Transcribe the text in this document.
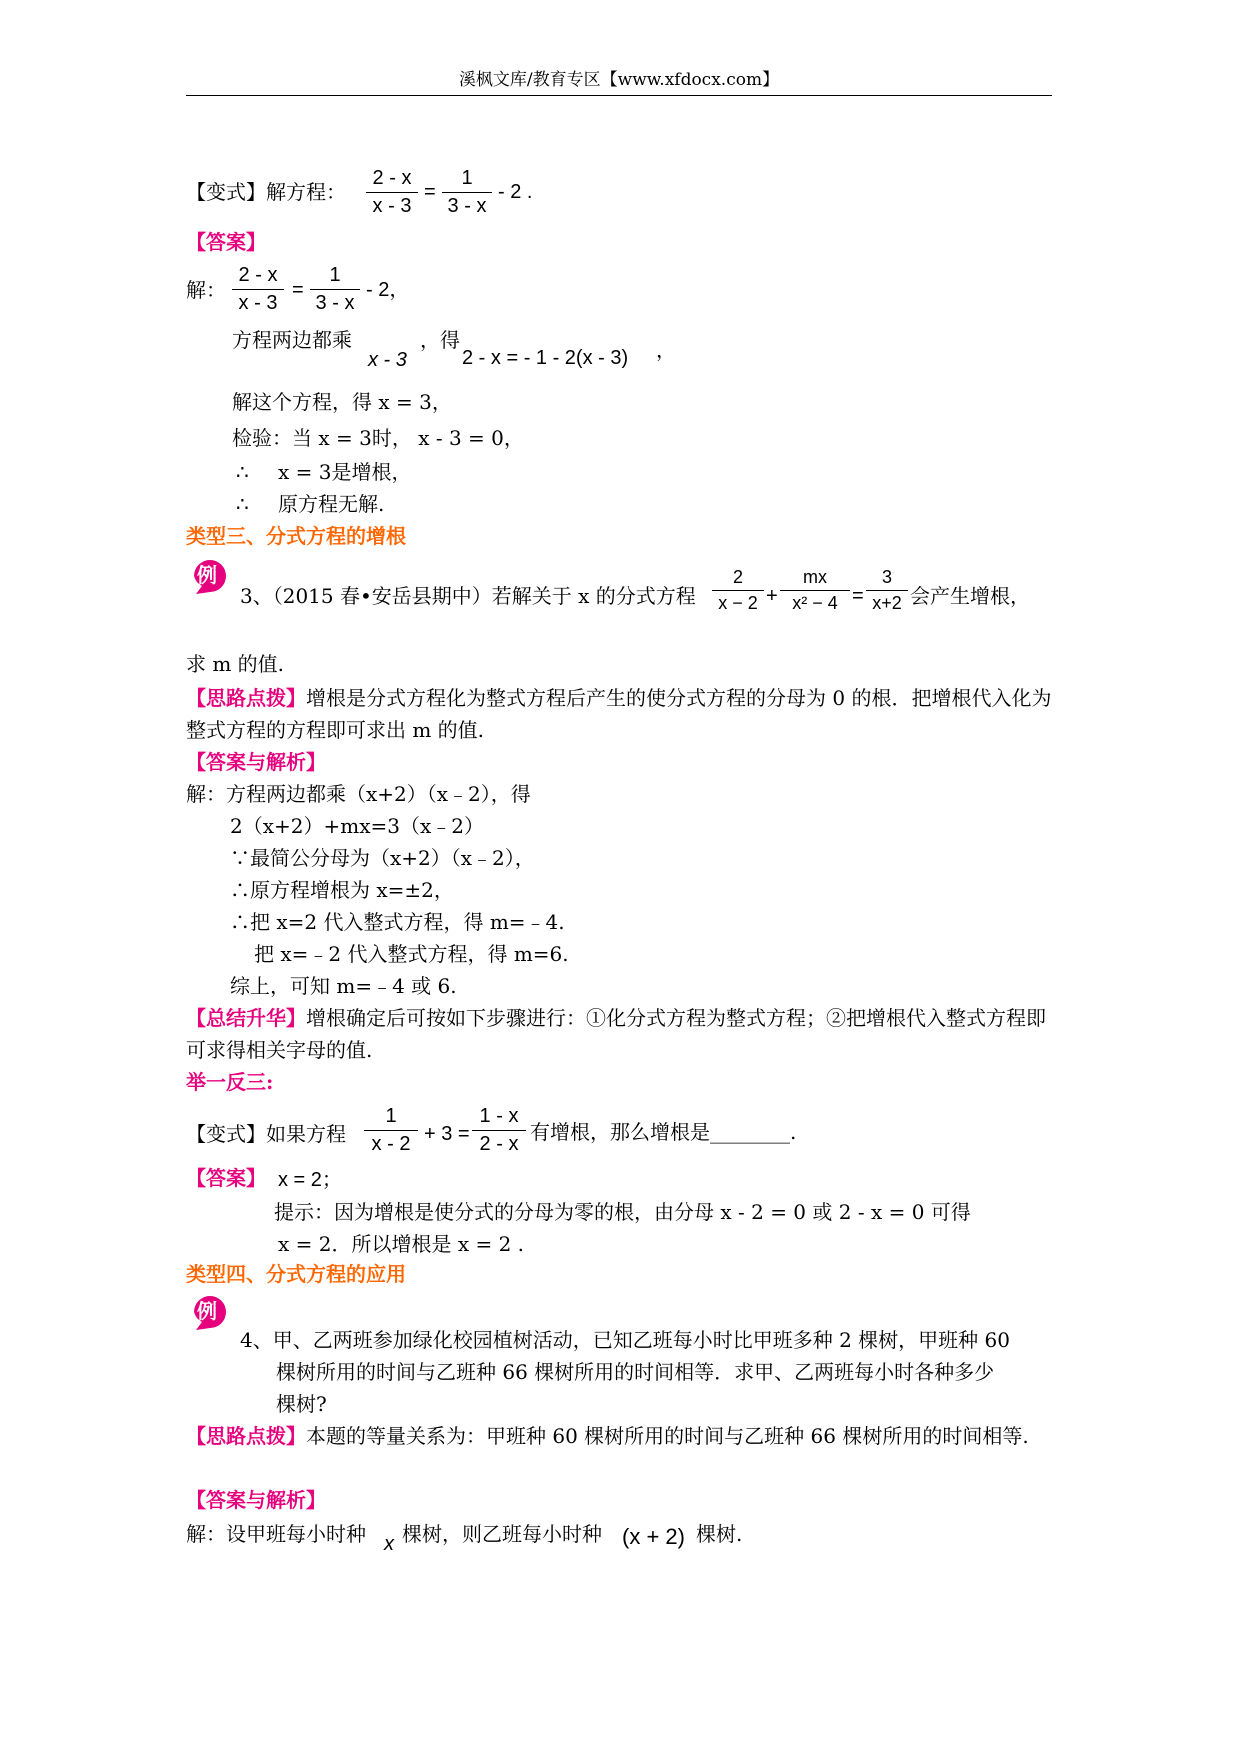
溪枫文库/教育专区【www.xfdocx.com】
【变式】解方程：
2 - x
x - 3
=
1
3 - x
- 2 .
【答案】
解：
2 - x
x - 3
=
1
3 - x
- 2，
方程两边都乘
x - 3
，得
2 - x = - 1 - 2(x - 3) ，
解这个方程，得 x = 3，
检验：当 x = 3时， x - 3 = 0，
∴ x = 3是增根，
∴ 原方程无解.
类型三、分式方程的增根
例
3、（2015 春•安岳县期中）若解关于 x 的分式方程
2
x − 2 +
mx
x² − 4 =
3
x+2 会产生增根，
求 m 的值.
【思路点拨】增根是分式方程化为整式方程后产生的使分式方程的分母为 0 的根．把增根代入化为整式方程的方程即可求出 m 的值.
【答案与解析】
解：方程两边都乘（x+2）（x﹣2），得
2（x+2）+mx=3（x﹣2）
∵最简公分母为（x+2）（x﹣2），
∴原方程增根为 x=±2，
∴把 x=2 代入整式方程，得 m=﹣4.
把 x=﹣2 代入整式方程，得 m=6.
综上，可知 m=﹣4 或 6.
【总结升华】增根确定后可按如下步骤进行：①化分式方程为整式方程；②把增根代入整式方程即可求得相关字母的值.
举一反三:
【变式】如果方程
1
x - 2 + 3 =
1 - x
2 - x 有增根，那么增根是________.
【答案】 x = 2；
提示：因为增根是使分式的分母为零的根，由分母 x - 2 = 0 或 2 - x = 0 可得
x = 2．所以增根是 x = 2 .
类型四、分式方程的应用
例
4、甲、乙两班参加绿化校园植树活动，已知乙班每小时比甲班多种 2 棵树，甲班种 60
棵树所用的时间与乙班种 66 棵树所用的时间相等．求甲、乙两班每小时各种多少
棵树?
【思路点拨】本题的等量关系为：甲班种 60 棵树所用的时间与乙班种 66 棵树所用的时间相等.
【答案与解析】
解：设甲班每小时种 x 棵树，则乙班每小时种 (x + 2) 棵树.
